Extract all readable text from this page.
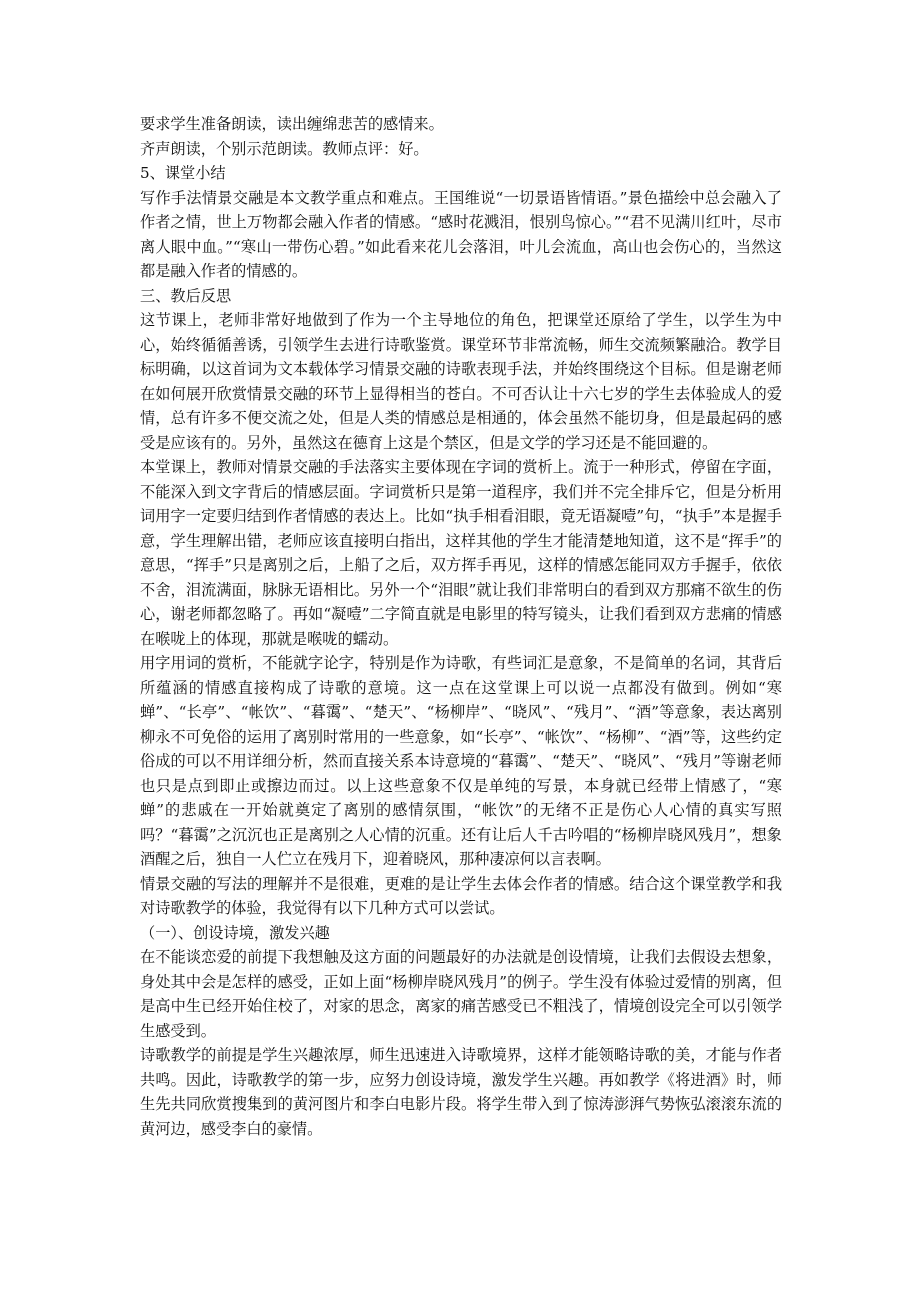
要求学生准备朗读，读出缠绵悲苦的感情来。
齐声朗读，个别示范朗读。教师点评：好。
5、课堂小结

写作手法情景交融是本文教学重点和难点。王国维说“一切景语皆情语。”景色描绘中总会融入了作者之情，世上万物都会融入作者的情感。“感时花溅泪，恨别鸟惊心。”“君不见满川红叶，尽市离人眼中血。”“寒山一带伤心碧。”如此看来花儿会落泪，叶儿会流血，高山也会伤心的，当然这都是融入作者的情感的。

三、教后反思

这节课上，老师非常好地做到了作为一个主导地位的角色，把课堂还原给了学生，以学生为中心，始终循循善诱，引领学生去进行诗歌鉴赏。课堂环节非常流畅，师生交流频繁融洽。教学目标明确，以这首词为文本载体学习情景交融的诗歌表现手法，并始终围绕这个目标。但是谢老师在如何展开欣赏情景交融的环节上显得相当的苍白。不可否认让十六七岁的学生去体验成人的爱情，总有许多不便交流之处，但是人类的情感总是相通的，体会虽然不能切身，但是最起码的感受是应该有的。另外，虽然这在德育上这是个禁区，但是文学的学习还是不能回避的。

本堂课上，教师对情景交融的手法落实主要体现在字词的赏析上。流于一种形式，停留在字面，不能深入到文字背后的情感层面。字词赏析只是第一道程序，我们并不完全排斥它，但是分析用词用字一定要归结到作者情感的表达上。比如“执手相看泪眼，竟无语凝噎”句，“执手”本是握手意，学生理解出错，老师应该直接明白指出，这样其他的学生才能清楚地知道，这不是“挥手”的意思，“挥手”只是离别之后，上船了之后，双方挥手再见，这样的情感怎能同双方手握手，依依不舍，泪流满面，脉脉无语相比。另外一个“泪眼”就让我们非常明白的看到双方那痛不欲生的伤心，谢老师都忽略了。再如“凝噎”二字简直就是电影里的特写镜头，让我们看到双方悲痛的情感在喉咙上的体现，那就是喉咙的蠕动。

用字用词的赏析，不能就字论字，特别是作为诗歌，有些词汇是意象，不是简单的名词，其背后所蕴涵的情感直接构成了诗歌的意境。这一点在这堂课上可以说一点都没有做到。例如“寒蝉”、“长亭”、“帐饮”、“暮霭”、“楚天”、“杨柳岸”、“晓风”、“残月”、“酒”等意象，表达离别柳永不可免俗的运用了离别时常用的一些意象，如“长亭”、“帐饮”、“杨柳”、“酒”等，这些约定俗成的可以不用详细分析，然而直接关系本诗意境的“暮霭”、“楚天”、“晓风”、“残月”等谢老师也只是点到即止或擦边而过。以上这些意象不仅是单纯的写景，本身就已经带上情感了，“寒蝉”的悲戚在一开始就奠定了离别的感情氛围，“帐饮”的无绪不正是伤心人心情的真实写照吗？“暮霭”之沉沉也正是离别之人心情的沉重。还有让后人千古吟唱的“杨柳岸晓风残月”，想象酒醒之后，独自一人伫立在残月下，迎着晓风，那种凄凉何以言表啊。

情景交融的写法的理解并不是很难，更难的是让学生去体会作者的情感。结合这个课堂教学和我对诗歌教学的体验，我觉得有以下几种方式可以尝试。

（一）、创设诗境，激发兴趣

在不能谈恋爱的前提下我想触及这方面的问题最好的办法就是创设情境，让我们去假设去想象，身处其中会是怎样的感受，正如上面“杨柳岸晓风残月”的例子。学生没有体验过爱情的别离，但是高中生已经开始住校了，对家的思念，离家的痛苦感受已不粗浅了，情境创设完全可以引领学生感受到。

诗歌教学的前提是学生兴趣浓厚，师生迅速进入诗歌境界，这样才能领略诗歌的美，才能与作者共鸣。因此，诗歌教学的第一步，应努力创设诗境，激发学生兴趣。再如教学《将进酒》时，师生先共同欣赏搜集到的黄河图片和李白电影片段。将学生带入到了惊涛澎湃气势恢弘滚滚东流的黄河边，感受李白的豪情。
